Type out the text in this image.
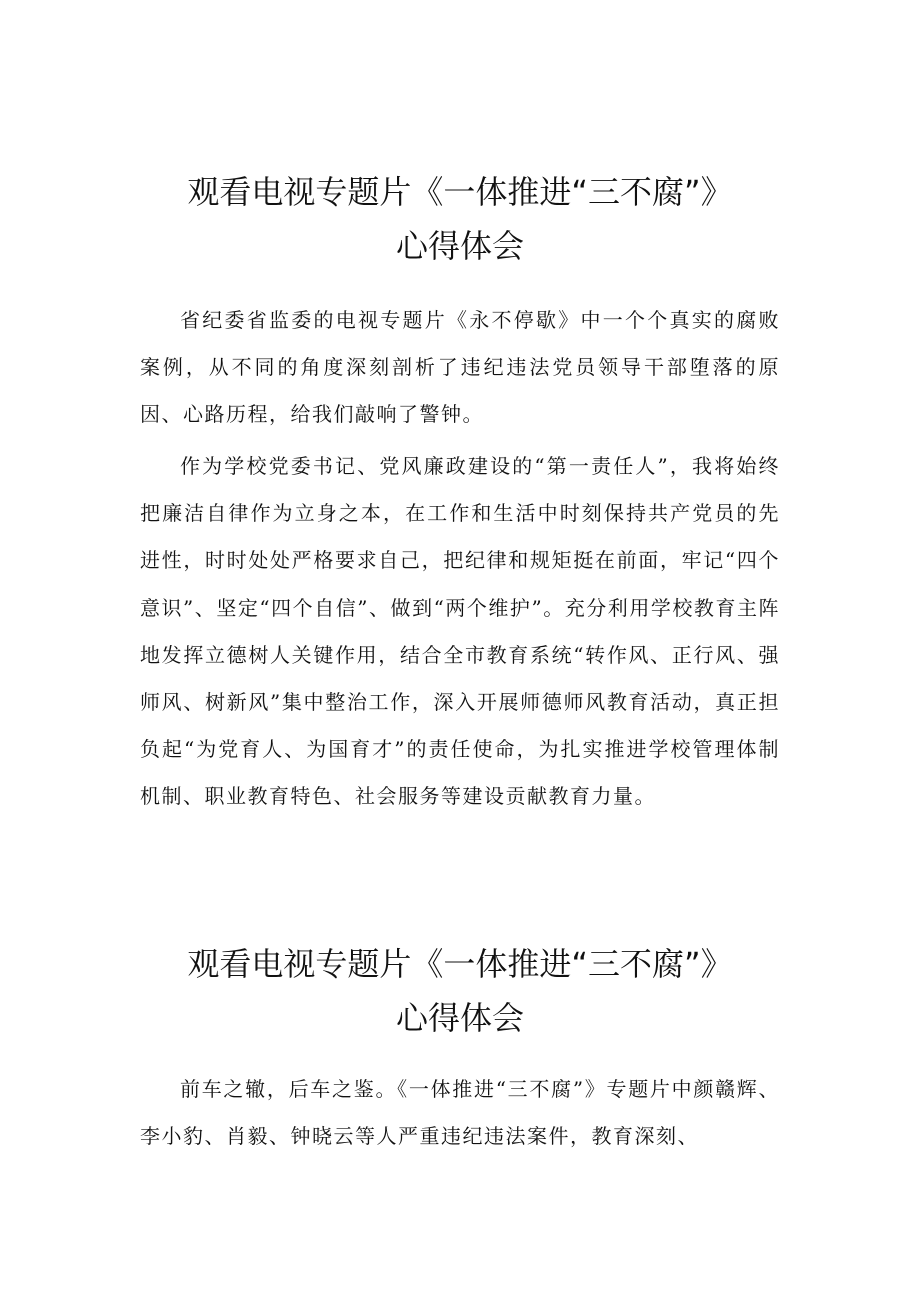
观看电视专题片《一体推进“三不腐”》
心得体会

省纪委省监委的电视专题片《永不停歇》中一个个真实的腐败案例，从不同的角度深刻剖析了违纪违法党员领导干部堕落的原因、心路历程，给我们敲响了警钟。

作为学校党委书记、党风廉政建设的“第一责任人”，我将始终把廉洁自律作为立身之本，在工作和生活中时刻保持共产党员的先进性，时时处处严格要求自己，把纪律和规矩挺在前面，牢记“四个意识”、坚定“四个自信”、做到“两个维护”。充分利用学校教育主阵地发挥立德树人关键作用，结合全市教育系统“转作风、正行风、强师风、树新风”集中整治工作，深入开展师德师风教育活动，真正担负起“为党育人、为国育才”的责任使命，为扎实推进学校管理体制机制、职业教育特色、社会服务等建设贡献教育力量。

观看电视专题片《一体推进“三不腐”》
心得体会

前车之辙，后车之鉴。《一体推进“三不腐”》专题片中颜赣辉、李小豹、肖毅、钟晓云等人严重违纪违法案件，教育深刻、
